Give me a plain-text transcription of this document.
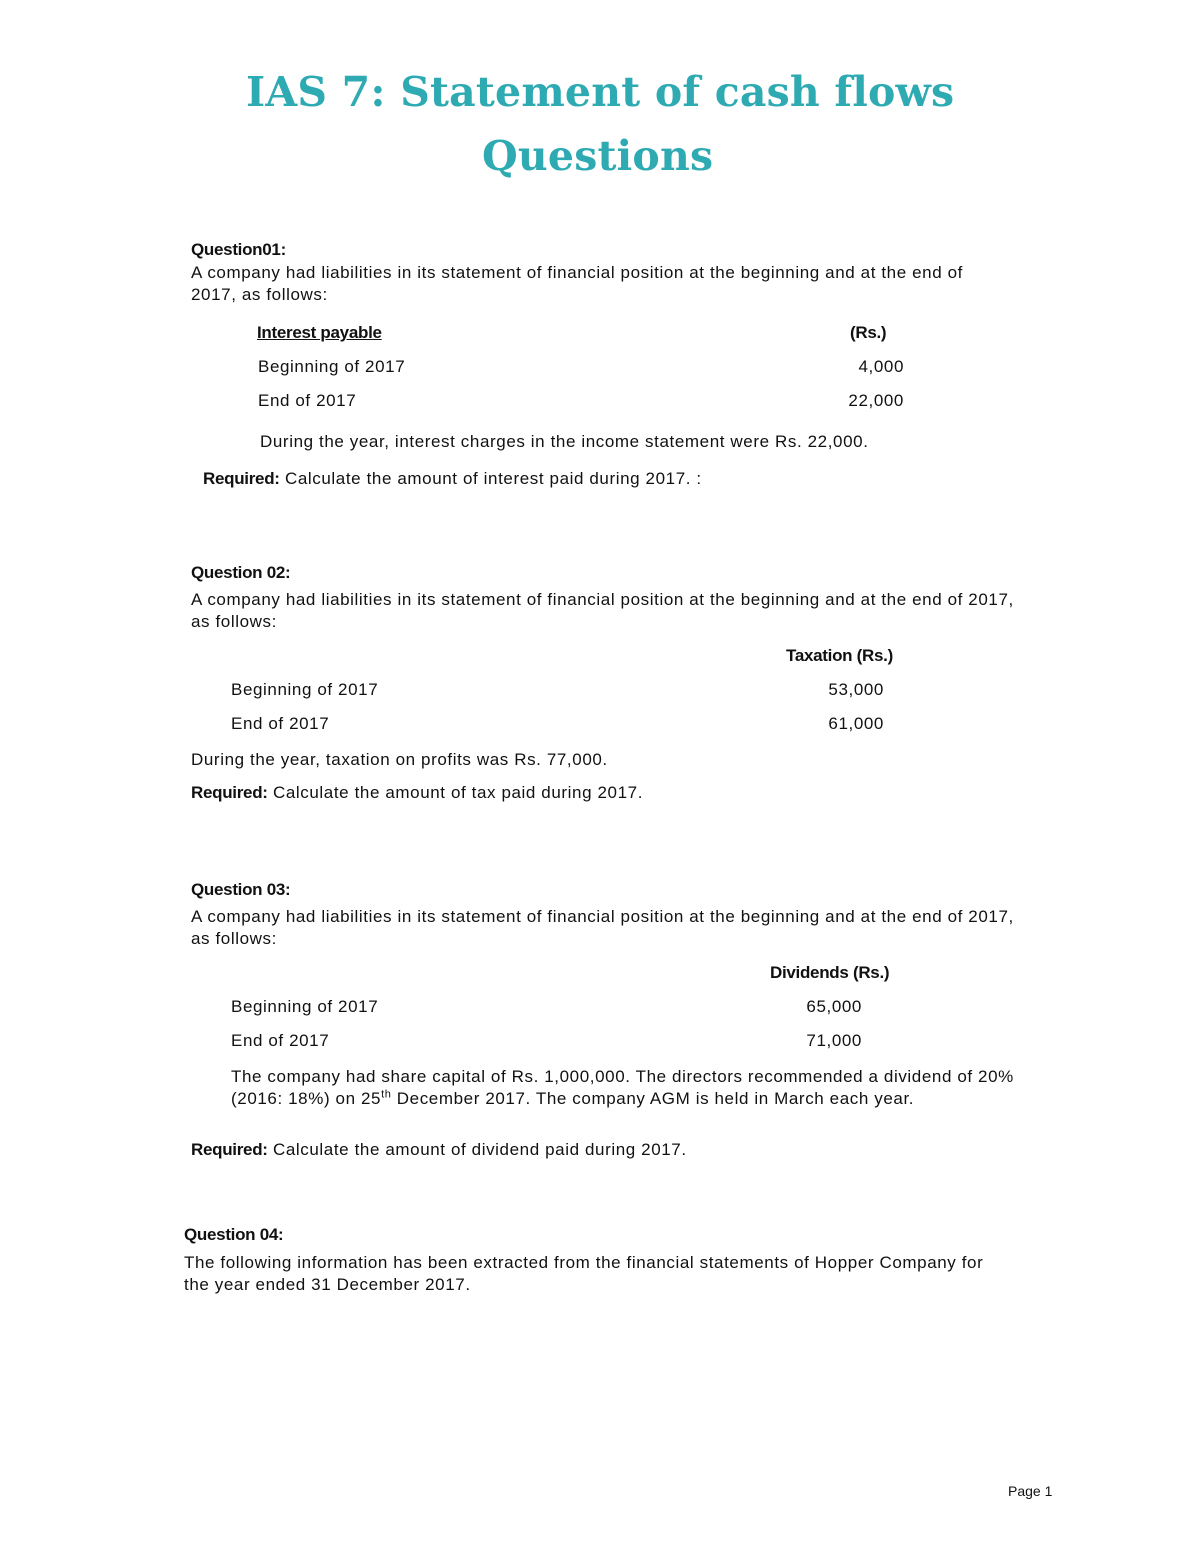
IAS 7: Statement of cash flows
Questions
Question01:
A company had liabilities in its statement of financial position at the beginning and at the end of 2017, as follows:
Interest payable	(Rs.)
Beginning of 2017	4,000
End of 2017	22,000
During the year, interest charges in the income statement were Rs. 22,000.
Required: Calculate the amount of interest paid during 2017. :
Question 02:
A company had liabilities in its statement of financial position at the beginning and at the end of 2017, as follows:
Taxation (Rs.)
Beginning of 2017	53,000
End of 2017	61,000
During the year, taxation on profits was Rs. 77,000.
Required: Calculate the amount of tax paid during 2017.
Question 03:
A company had liabilities in its statement of financial position at the beginning and at the end of 2017, as follows:
Dividends (Rs.)
Beginning of 2017	65,000
End of 2017	71,000
The company had share capital of Rs. 1,000,000. The directors recommended a dividend of 20% (2016: 18%) on 25th December 2017. The company AGM is held in March each year.
Required: Calculate the amount of dividend paid during 2017.
Question 04:
The following information has been extracted from the financial statements of Hopper Company for the year ended 31 December 2017.
Page 1
